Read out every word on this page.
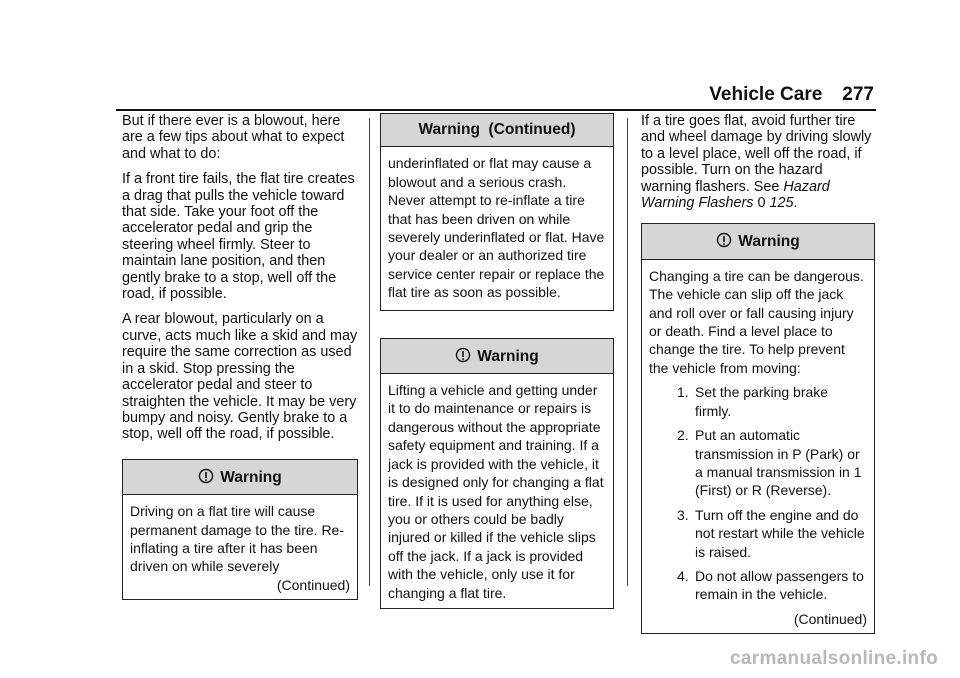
Vehicle Care 277

But if there ever is a blowout, here are a few tips about what to expect and what to do:

If a front tire fails, the flat tire creates a drag that pulls the vehicle toward that side. Take your foot off the accelerator pedal and grip the steering wheel firmly. Steer to maintain lane position, and then gently brake to a stop, well off the road, if possible.

A rear blowout, particularly on a curve, acts much like a skid and may require the same correction as used in a skid. Stop pressing the accelerator pedal and steer to straighten the vehicle. It may be very bumpy and noisy. Gently brake to a stop, well off the road, if possible.

Warning
Driving on a flat tire will cause permanent damage to the tire. Re-inflating a tire after it has been driven on while severely
(Continued)
Warning  (Continued)
underinflated or flat may cause a blowout and a serious crash. Never attempt to re-inflate a tire that has been driven on while severely underinflated or flat. Have your dealer or an authorized tire service center repair or replace the flat tire as soon as possible.
Warning
Lifting a vehicle and getting under it to do maintenance or repairs is dangerous without the appropriate safety equipment and training. If a jack is provided with the vehicle, it is designed only for changing a flat tire. If it is used for anything else, you or others could be badly injured or killed if the vehicle slips off the jack. If a jack is provided with the vehicle, only use it for changing a flat tire.

If a tire goes flat, avoid further tire and wheel damage by driving slowly to a level place, well off the road, if possible. Turn on the hazard warning flashers. See Hazard Warning Flashers 0 125.

Warning
Changing a tire can be dangerous. The vehicle can slip off the jack and roll over or fall causing injury or death. Find a level place to change the tire. To help prevent the vehicle from moving:
1. Set the parking brake firmly.
2. Put an automatic transmission in P (Park) or a manual transmission in 1 (First) or R (Reverse).
3. Turn off the engine and do not restart while the vehicle is raised.
4. Do not allow passengers to remain in the vehicle.
(Continued)
carmanualsonline.info
